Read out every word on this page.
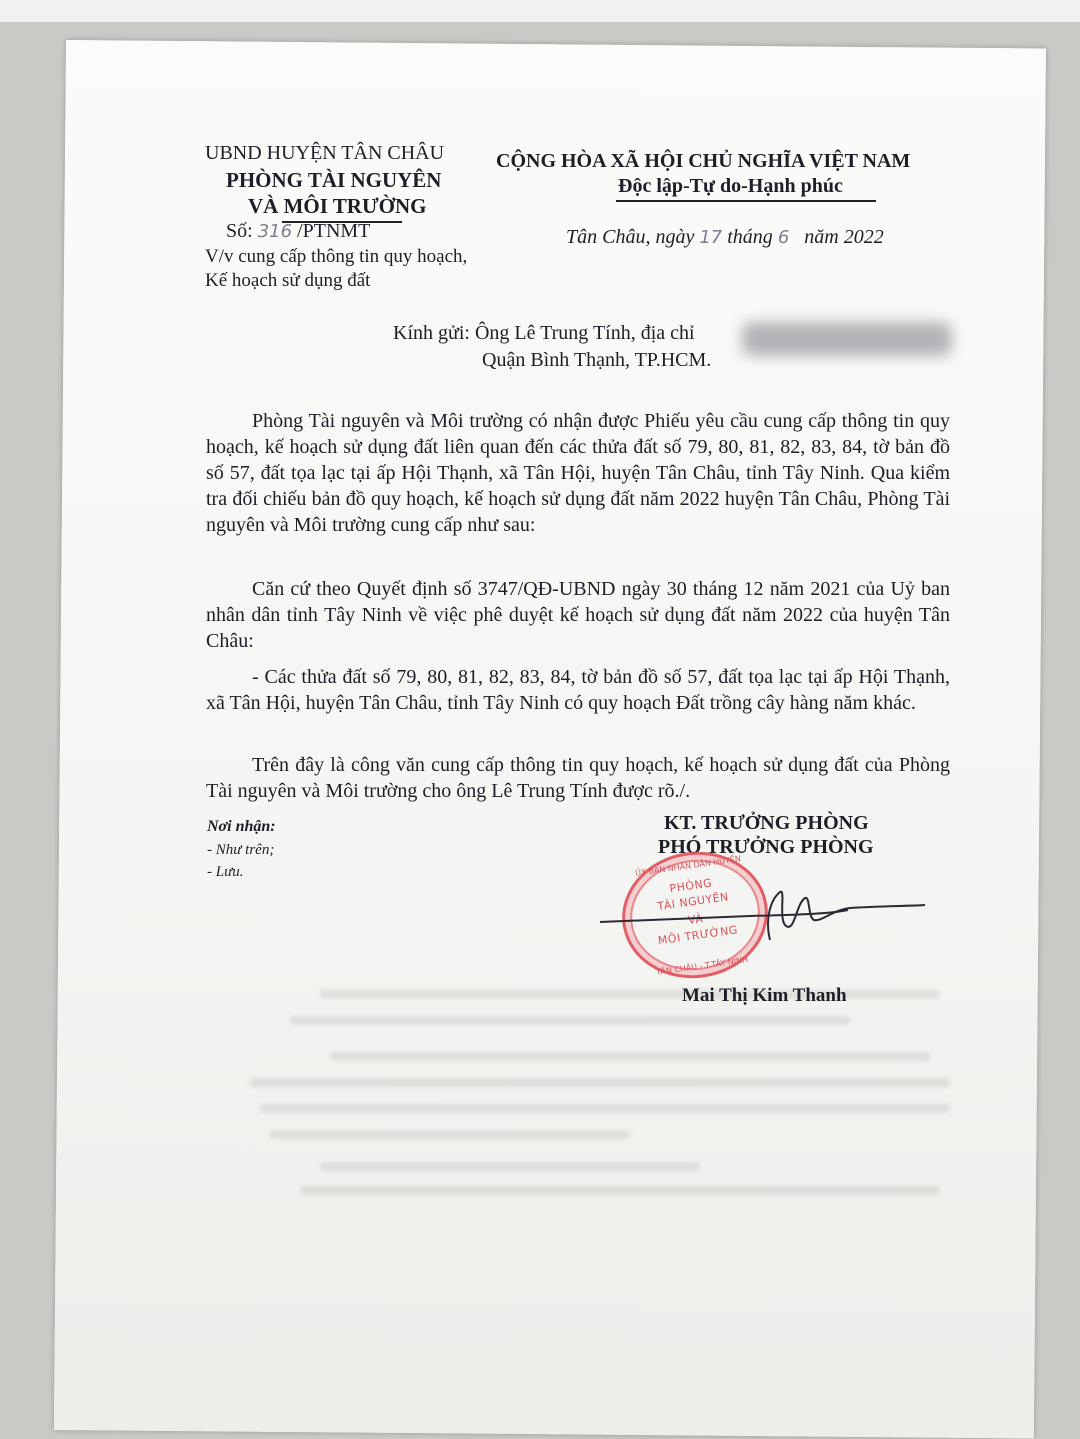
UBND HUYỆN TÂN CHÂU
PHÒNG TÀI NGUYÊN
VÀ MÔI TRƯỜNG
Số: 316 /PTNMT
V/v cung cấp thông tin quy hoạch,
Kế hoạch sử dụng đất
CỘNG HÒA XÃ HỘI CHỦ NGHĨA VIỆT NAM
Độc lập-Tự do-Hạnh phúc
Tân Châu, ngày 17 tháng 6 năm 2022
Kính gửi: Ông Lê Trung Tính, địa chỉ
Quận Bình Thạnh, TP.HCM.

Phòng Tài nguyên và Môi trường có nhận được Phiếu yêu cầu cung cấp thông tin quy hoạch, kế hoạch sử dụng đất liên quan đến các thửa đất số 79, 80, 81, 82, 83, 84, tờ bản đồ số 57, đất tọa lạc tại ấp Hội Thạnh, xã Tân Hội, huyện Tân Châu, tỉnh Tây Ninh. Qua kiểm tra đối chiếu bản đồ quy hoạch, kế hoạch sử dụng đất năm 2022 huyện Tân Châu, Phòng Tài nguyên và Môi trường cung cấp như sau:

Căn cứ theo Quyết định số 3747/QĐ-UBND ngày 30 tháng 12 năm 2021 của Uỷ ban nhân dân tỉnh Tây Ninh về việc phê duyệt kế hoạch sử dụng đất năm 2022 của huyện Tân Châu:

- Các thửa đất số 79, 80, 81, 82, 83, 84, tờ bản đồ số 57, đất tọa lạc tại ấp Hội Thạnh, xã Tân Hội, huyện Tân Châu, tỉnh Tây Ninh có quy hoạch Đất trồng cây hàng năm khác.

Trên đây là công văn cung cấp thông tin quy hoạch, kế hoạch sử dụng đất của Phòng Tài nguyên và Môi trường cho ông Lê Trung Tính được rõ./.

Nơi nhận:
- Như trên;
- Lưu.
KT. TRƯỞNG PHÒNG
PHÓ TRƯỞNG PHÒNG
ỦY BAN NHÂN DÂN HUYỆN
PHÒNG
TÀI NGUYÊN
VÀ
MÔI TRƯỜNG
TÂN CHÂU - T.TÂY NINH
Mai Thị Kim Thanh
